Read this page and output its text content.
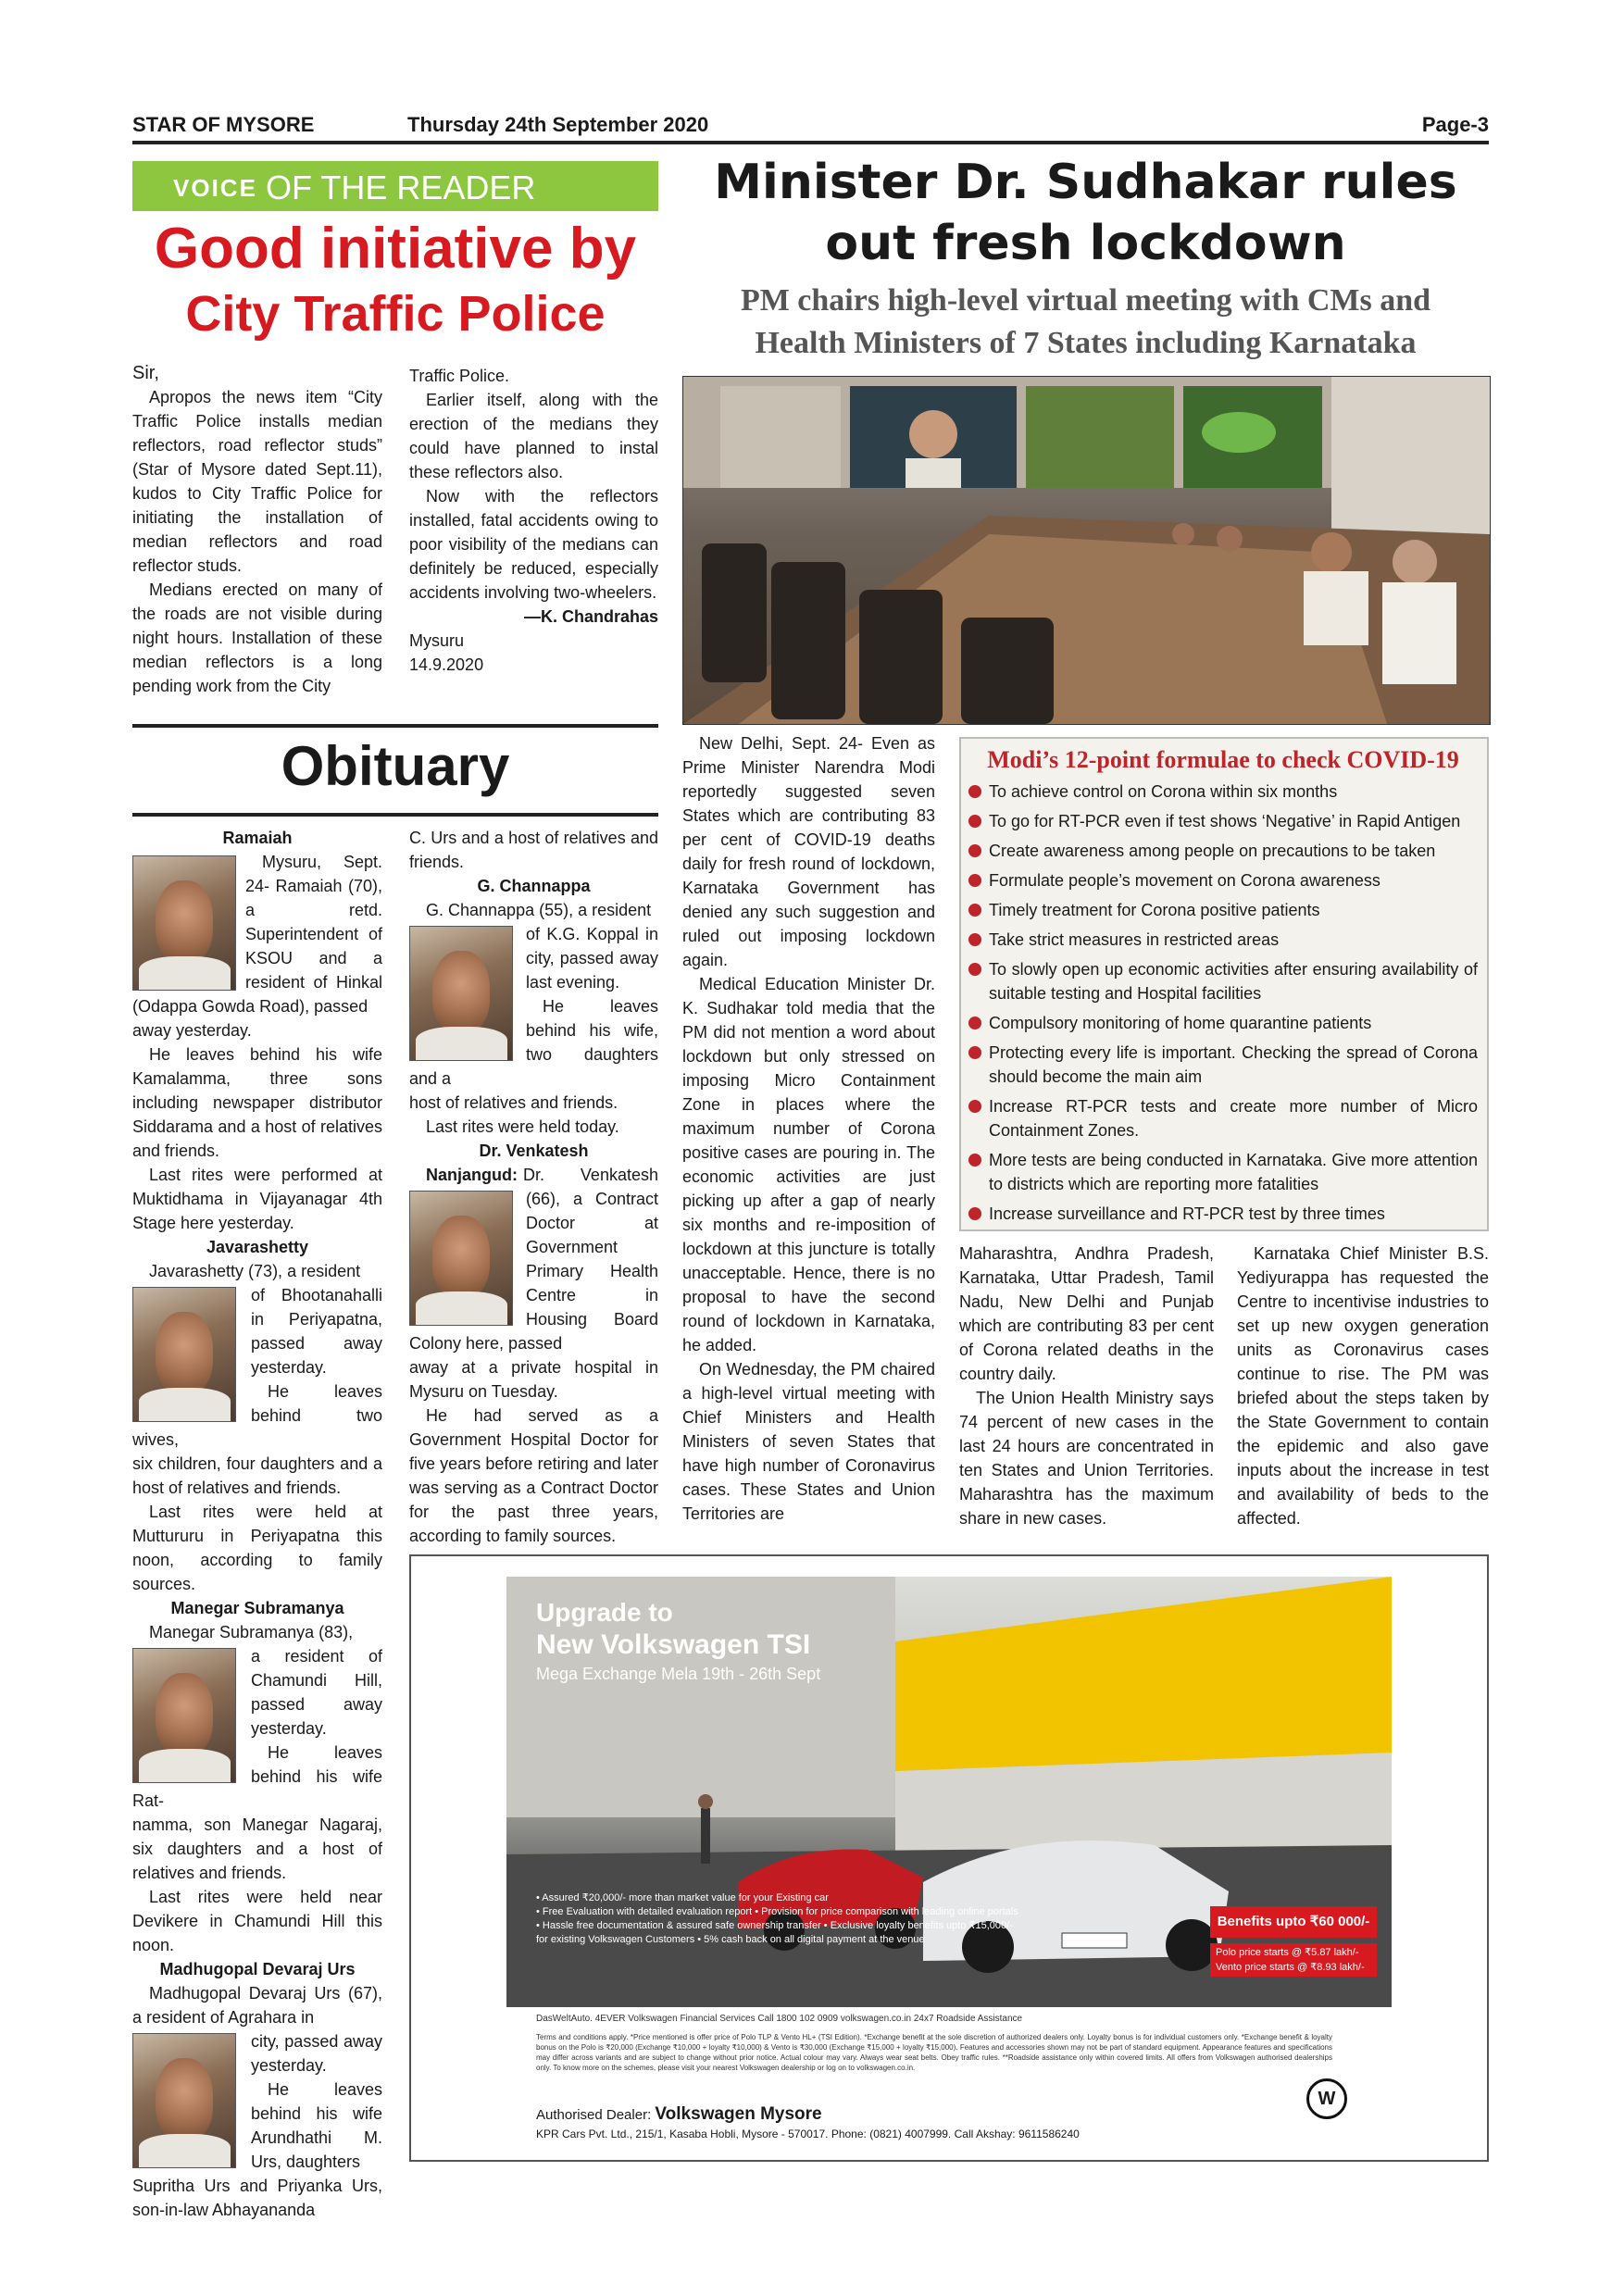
STAR OF MYSORE	Thursday 24th September 2020	Page-3
VOICE OF THE READER
Good initiative by
City Traffic Police

Sir,

Apropos the news item “City Traffic Police installs median reflectors, road reflector studs” (Star of Mysore dated Sept.11), kudos to City Traffic Police for initiating the installation of median reflectors and road reflector studs.

Medians erected on many of the roads are not visible during night hours. Installation of these median reflectors is a long pending work from the City

Traffic Police.

Earlier itself, along with the erection of the medians they could have planned to instal these reflectors also.

Now with the reflectors installed, fatal accidents owing to poor visibility of the medians can definitely be reduced, especially accidents involving two-wheelers.

—K. Chandrahas

Mysuru

14.9.2020

Minister Dr. Sudhakar rules
out fresh lockdown
PM chairs high-level virtual meeting with CMs and
Health Ministers of 7 States including Karnataka

New Delhi, Sept. 24- Even as Prime Minister Narendra Modi reportedly suggested seven States which are contributing 83 per cent of COVID-19 deaths daily for fresh round of lockdown, Karnataka Government has denied any such suggestion and ruled out imposing lockdown again.

Medical Education Minister Dr. K. Sudhakar told media that the PM did not mention a word about lockdown but only stressed on imposing Micro Containment Zone in places where the maximum number of Corona positive cases are pouring in. The economic activities are just picking up after a gap of nearly six months and re-imposition of lockdown at this juncture is totally unacceptable. Hence, there is no proposal to have the second round of lockdown in Karnataka, he added.

On Wednesday, the PM chaired a high-level virtual meeting with Chief Ministers and Health Ministers of seven States that have high number of Coronavirus cases. These States and Union Territories are

Modi’s 12-point formulae to check COVID-19
To achieve control on Corona within six months
To go for RT-PCR even if test shows ‘Negative’ in Rapid Antigen
Create awareness among people on precautions to be taken
Formulate people’s movement on Corona awareness
Timely treatment for Corona positive patients
Take strict measures in restricted areas
To slowly open up economic activities after ensuring availability of suitable testing and Hospital facilities
Compulsory monitoring of home quarantine patients
Protecting every life is important. Checking the spread of Corona should become the main aim
Increase RT-PCR tests and create more number of Micro Containment Zones.
More tests are being conducted in Karnataka. Give more attention to districts which are reporting more fatalities
Increase surveillance and RT-PCR test by three times

Maharashtra, Andhra Pradesh, Karnataka, Uttar Pradesh, Tamil Nadu, New Delhi and Punjab which are contributing 83 per cent of Corona related deaths in the country daily.

The Union Health Ministry says 74 percent of new cases in the last 24 hours are concentrated in ten States and Union Territories. Maharashtra has the maximum share in new cases.

Karnataka Chief Minister B.S. Yediyurappa has requested the Centre to incentivise industries to set up new oxygen generation units as Coronavirus cases continue to rise. The PM was briefed about the steps taken by the State Government to contain the epidemic and also gave inputs about the increase in test and availability of beds to the affected.

Obituary

Ramaiah

Mysuru, Sept. 24- Ramaiah (70), a retd. Superintendent of KSOU and a resident of Hinkal (Odappa Gowda Road), passed

away yesterday.

He leaves behind his wife Kamalamma, three sons including newspaper distributor Siddarama and a host of relatives and friends.

Last rites were performed at Muktidhama in Vijayanagar 4th Stage here yesterday.

Javarashetty

Javarashetty (73), a resident

of Bhootanahalli in Periyapatna, passed away yesterday.

He leaves behind two wives,

six children, four daughters and a host of relatives and friends.

Last rites were held at Muttururu in Periyapatna this noon, according to family sources.

Manegar Subramanya

Manegar Subramanya (83),

a resident of Chamundi Hill, passed away yesterday.

He leaves behind his wife Rat-

namma, son Manegar Nagaraj, six daughters and a host of relatives and friends.

Last rites were held near Devikere in Chamundi Hill this noon.

Madhugopal Devaraj Urs

Madhugopal Devaraj Urs (67), a resident of Agrahara in

city, passed away yesterday.

He leaves behind his wife Arundhathi M. Urs, daughters

Supritha Urs and Priyanka Urs, son-in-law Abhayananda

C. Urs and a host of relatives and friends.

G. Channappa

G. Channappa (55), a resident

of K.G. Koppal in city, passed away last evening.

He leaves behind his wife, two daughters and a

host of relatives and friends.

Last rites were held today.

Dr. Venkatesh

Nanjangud: Dr. Venkatesh (66), a Contract Doctor at Government Primary Health Centre in Housing Board Colony here, passed

away at a private hospital in Mysuru on Tuesday.

He had served as a Government Hospital Doctor for five years before retiring and later was serving as a Contract Doctor for the past three years, according to family sources.

Upgrade to
New Volkswagen TSI
Mega Exchange Mela 19th - 26th Sept
• Assured ₹20,000/- more than market value for your Existing car
• Free Evaluation with detailed evaluation report • Provision for price comparison with leading online portals
• Hassle free documentation & assured safe ownership transfer • Exclusive loyalty benefits upto ₹15,000/-
for existing Volkswagen Customers • 5% cash back on all digital payment at the venue
Benefits upto ₹60 000/-
Polo price starts @ ₹5.87 lakh/-
Vento price starts @ ₹8.93 lakh/-
DasWeltAuto. 4EVER Volkswagen Financial Services Call 1800 102 0909 volkswagen.co.in 24x7 Roadside Assistance
Terms and conditions apply. *Price mentioned is offer price of Polo TLP & Vento HL+ (TSI Edition). *Exchange benefit at the sole discretion of authorized dealers only. Loyalty bonus is for individual customers only. *Exchange benefit & loyalty bonus on the Polo is ₹20,000 (Exchange ₹10,000 + loyalty ₹10,000) & Vento is ₹30,000 (Exchange ₹15,000 + loyalty ₹15,000). Features and accessories shown may not be part of standard equipment. Appearance features and specifications may differ across variants and are subject to change without prior notice. Actual colour may vary. Always wear seat belts. Obey traffic rules. **Roadside assistance only within covered limits. All offers from Volkswagen authorised dealerships only. To know more on the schemes, please visit your nearest Volkswagen dealership or log on to volkswagen.co.in.
W
Authorised Dealer: Volkswagen Mysore
KPR Cars Pvt. Ltd., 215/1, Kasaba Hobli, Mysore - 570017. Phone: (0821) 4007999. Call Akshay: 9611586240
